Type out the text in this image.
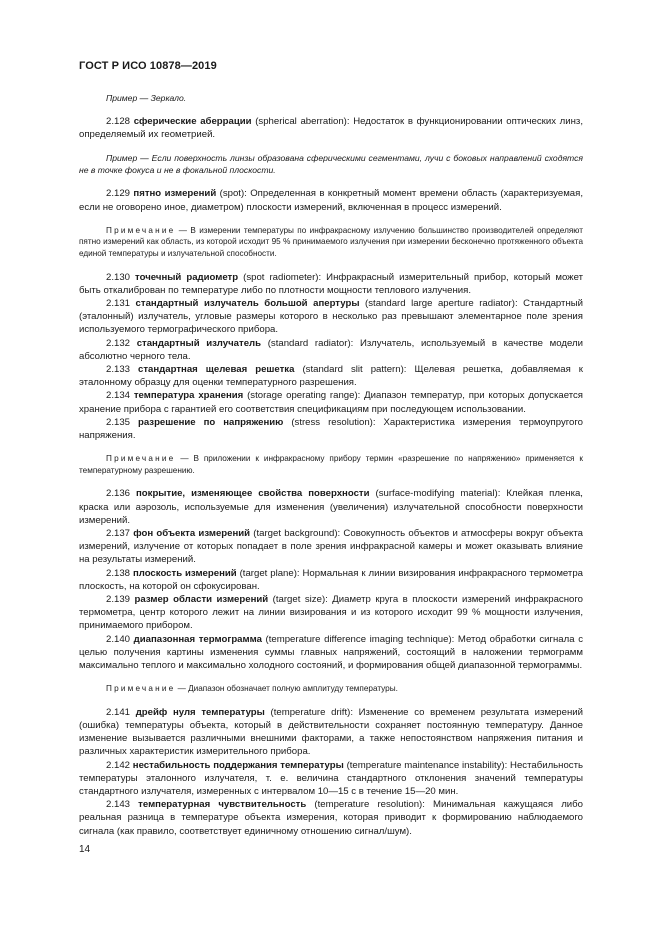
ГОСТ Р ИСО 10878—2019

Пример — Зеркало.

2.128 сферические аберрации (spherical aberration): Недостаток в функционировании оптических линз, определяемый их геометрией.

Пример — Если поверхность линзы образована сферическими сегментами, лучи с боковых направлений сходятся не в точке фокуса и не в фокальной плоскости.

2.129 пятно измерений (spot): Определенная в конкретный момент времени область (характеризуемая, если не оговорено иное, диаметром) плоскости измерений, включенная в процесс измерений.

Примечание — В измерении температуры по инфракрасному излучению большинство производителей определяют пятно измерений как область, из которой исходит 95 % принимаемого излучения при измерении бесконечно протяженного объекта единой температуры и излучательной способности.

2.130 точечный радиометр (spot radiometer): Инфракрасный измерительный прибор, который может быть откалиброван по температуре либо по плотности мощности теплового излучения.

2.131 стандартный излучатель большой апертуры (standard large aperture radiator): Стандартный (эталонный) излучатель, угловые размеры которого в несколько раз превышают элементарное поле зрения используемого термографического прибора.

2.132 стандартный излучатель (standard radiator): Излучатель, используемый в качестве модели абсолютно черного тела.

2.133 стандартная щелевая решетка (standard slit pattern): Щелевая решетка, добавляемая к эталонному образцу для оценки температурного разрешения.

2.134 температура хранения (storage operating range): Диапазон температур, при которых допускается хранение прибора с гарантией его соответствия спецификациям при последующем использовании.

2.135 разрешение по напряжению (stress resolution): Характеристика измерения термоупругого напряжения.

Примечание — В приложении к инфракрасному прибору термин «разрешение по напряжению» применяется к температурному разрешению.

2.136 покрытие, изменяющее свойства поверхности (surface-modifying material): Клейкая пленка, краска или аэрозоль, используемые для изменения (увеличения) излучательной способности поверхности измерений.

2.137 фон объекта измерений (target background): Совокупность объектов и атмосферы вокруг объекта измерений, излучение от которых попадает в поле зрения инфракрасной камеры и может оказывать влияние на результаты измерений.

2.138 плоскость измерений (target plane): Нормальная к линии визирования инфракрасного термометра плоскость, на которой он сфокусирован.

2.139 размер области измерений (target size): Диаметр круга в плоскости измерений инфракрасного термометра, центр которого лежит на линии визирования и из которого исходит 99 % мощности излучения, принимаемого прибором.

2.140 диапазонная термограмма (temperature difference imaging technique): Метод обработки сигнала с целью получения картины изменения суммы главных напряжений, состоящий в наложении термограмм максимально теплого и максимально холодного состояний, и формирования общей диапазонной термограммы.

Примечание — Диапазон обозначает полную амплитуду температуры.

2.141 дрейф нуля температуры (temperature drift): Изменение со временем результата измерений (ошибка) температуры объекта, который в действительности сохраняет постоянную температуру. Данное изменение вызывается различными внешними факторами, а также непостоянством напряжения питания и различных характеристик измерительного прибора.

2.142 нестабильность поддержания температуры (temperature maintenance instability): Нестабильность температуры эталонного излучателя, т. е. величина стандартного отклонения значений температуры стандартного излучателя, измеренных с интервалом 10—15 с в течение 15—20 мин.

2.143 температурная чувствительность (temperature resolution): Минимальная кажущаяся либо реальная разница в температуре объекта измерения, которая приводит к формированию наблюдаемого сигнала (как правило, соответствует единичному отношению сигнал/шум).

14
